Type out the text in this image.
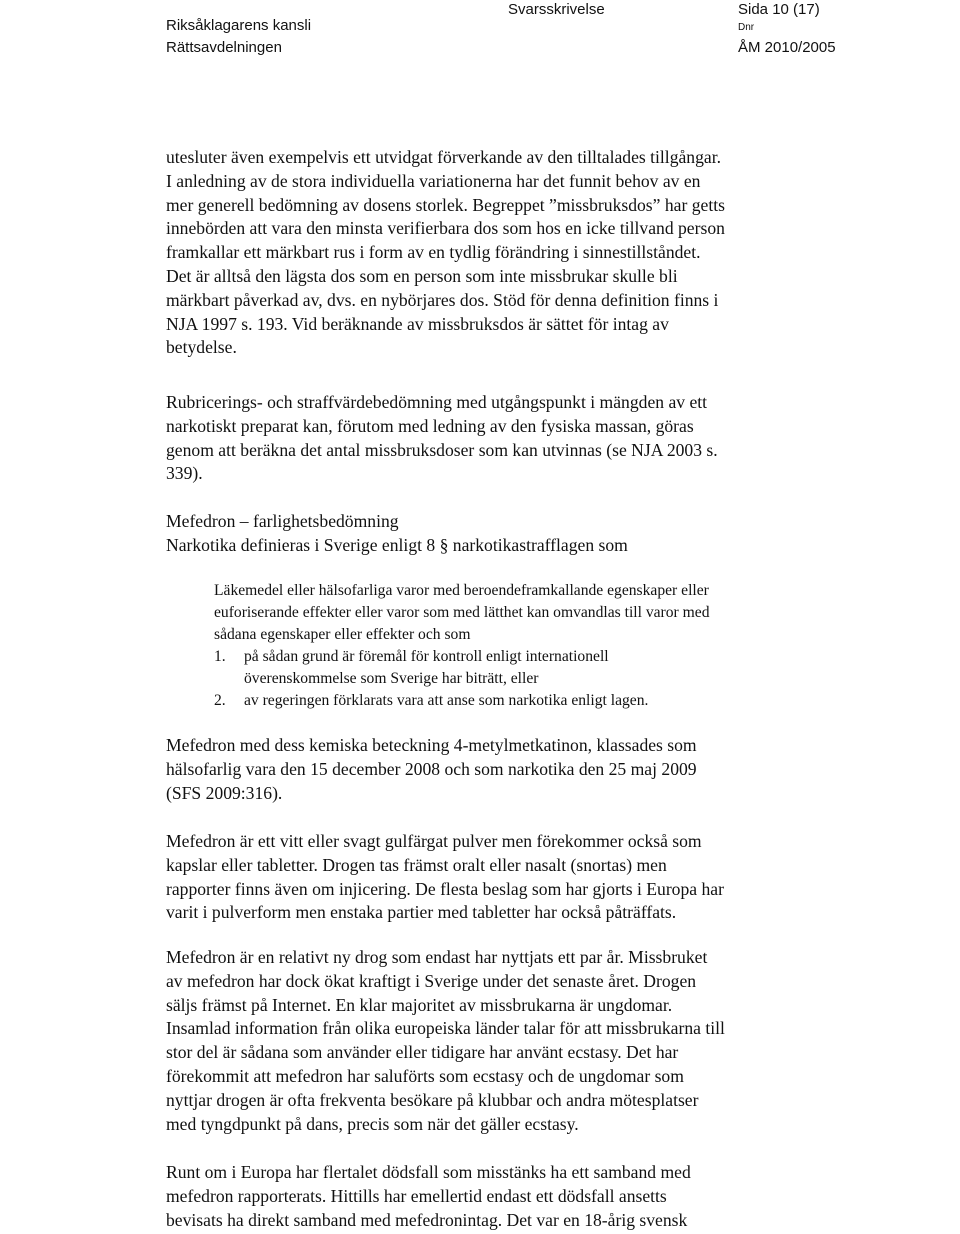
Riksåklagarens kansli
Rättsavdelningen
Svarsskrivelse	Sida 10 (17)
Dnr
ÅM 2010/2005
utesluter även exempelvis ett utvidgat förverkande av den tilltalades tillgångar.
I anledning av de stora individuella variationerna har det funnit behov av en
mer generell bedömning av dosens storlek. Begreppet ”missbruksdos” har getts
innebörden att vara den minsta verifierbara dos som hos en icke tillvand person
framkallar ett märkbart rus i form av en tydlig förändring i sinnestillståndet.
Det är alltså den lägsta dos som en person som inte missbrukar skulle bli
märkbart påverkad av, dvs. en nybörjares dos. Stöd för denna definition finns i
NJA 1997 s. 193. Vid beräknande av missbruksdos är sättet för intag av
betydelse.
Rubricerings- och straffvärdebedömning med utgångspunkt i mängden av ett
narkotiskt preparat kan, förutom med ledning av den fysiska massan, göras
genom att beräkna det antal missbruksdoser som kan utvinnas (se NJA 2003 s.
339).
Mefedron – farlighetsbedömning
Narkotika definieras i Sverige enligt 8 § narkotikastrafflagen som
Läkemedel eller hälsofarliga varor med beroendeframkallande egenskaper eller
euforiserande effekter eller varor som med lätthet kan omvandlas till varor med
sådana egenskaper eller effekter och som
1. på sådan grund är föremål för kontroll enligt internationell
överenskommelse som Sverige har biträtt, eller
2. av regeringen förklarats vara att anse som narkotika enligt lagen.
Mefedron med dess kemiska beteckning 4-metylmetkatinon, klassades som
hälsofarlig vara den 15 december 2008 och som narkotika den 25 maj 2009
(SFS 2009:316).
Mefedron är ett vitt eller svagt gulfärgat pulver men förekommer också som
kapslar eller tabletter. Drogen tas främst oralt eller nasalt (snortas) men
rapporter finns även om injicering. De flesta beslag som har gjorts i Europa har
varit i pulverform men enstaka partier med tabletter har också påträffats.
Mefedron är en relativt ny drog som endast har nyttjats ett par år. Missbruket
av mefedron har dock ökat kraftigt i Sverige under det senaste året. Drogen
säljs främst på Internet. En klar majoritet av missbrukarna är ungdomar.
Insamlad information från olika europeiska länder talar för att missbrukarna till
stor del är sådana som använder eller tidigare har använt ecstasy. Det har
förekommit att mefedron har saluförts som ecstasy och de ungdomar som
nyttjar drogen är ofta frekventa besökare på klubbar och andra mötesplatser
med tyngdpunkt på dans, precis som när det gäller ecstasy.
Runt om i Europa har flertalet dödsfall som misstänks ha ett samband med
mefedron rapporterats. Hittills har emellertid endast ett dödsfall ansetts
bevisats ha direkt samband med mefedronintag. Det var en 18-årig svensk
